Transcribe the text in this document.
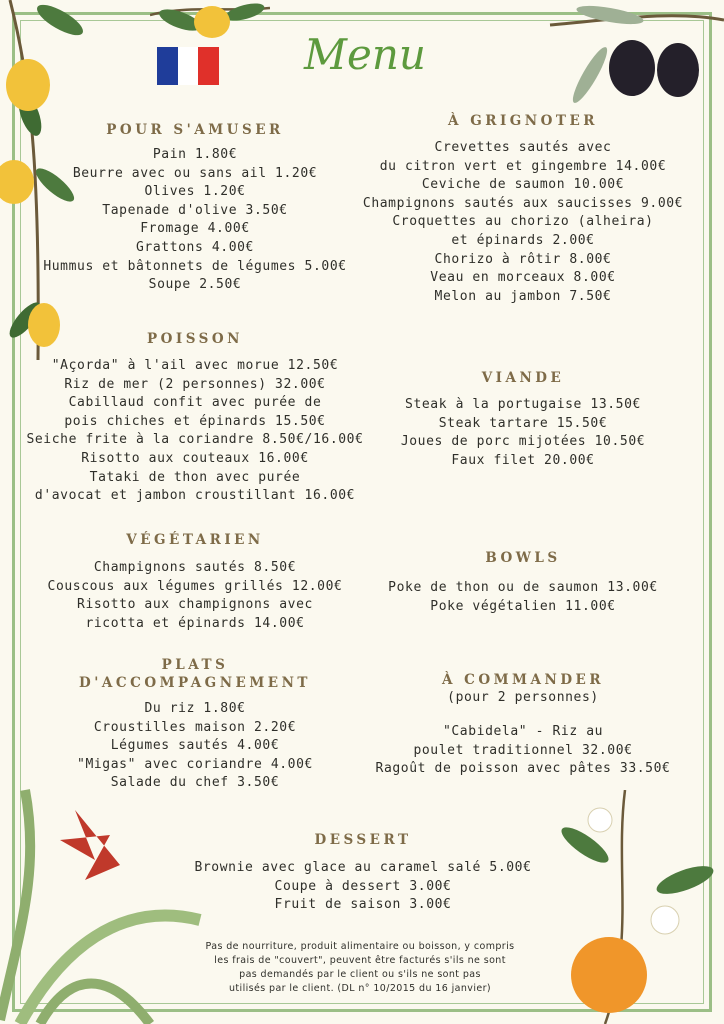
Menu
POUR S'AMUSER
Pain 1.80€
Beurre avec ou sans ail 1.20€
Olives 1.20€
Tapenade d'olive 3.50€
Fromage 4.00€
Grattons 4.00€
Hummus et bâtonnets de légumes 5.00€
Soupe 2.50€
POISSON
"Açorda" à l'ail avec morue 12.50€
Riz de mer (2 personnes) 32.00€
Cabillaud confit avec purée de
pois chiches et épinards 15.50€
Seiche frite à la coriandre 8.50€/16.00€
Risotto aux couteaux 16.00€
Tataki de thon avec purée
d'avocat et jambon croustillant 16.00€
VÉGÉTARIEN
Champignons sautés 8.50€
Couscous aux légumes grillés 12.00€
Risotto aux champignons avec
ricotta et épinards 14.00€
PLATS
D'ACCOMPAGNEMENT
Du riz 1.80€
Croustilles maison 2.20€
Légumes sautés 4.00€
"Migas" avec coriandre 4.00€
Salade du chef 3.50€
À GRIGNOTER
Crevettes sautés avec
du citron vert et gingembre 14.00€
Ceviche de saumon 10.00€
Champignons sautés aux saucisses 9.00€
Croquettes au chorizo (alheira)
et épinards 2.00€
Chorizo à rôtir 8.00€
Veau en morceaux 8.00€
Melon au jambon 7.50€
VIANDE
Steak à la portugaise 13.50€
Steak tartare 15.50€
Joues de porc mijotées 10.50€
Faux filet 20.00€
BOWLS
Poke de thon ou de saumon 13.00€
Poke végétalien 11.00€
À COMMANDER
(pour 2 personnes)
"Cabidela" - Riz au
poulet traditionnel 32.00€
Ragoût de poisson avec pâtes 33.50€
DESSERT
Brownie avec glace au caramel salé 5.00€
Coupe à dessert 3.00€
Fruit de saison 3.00€
Pas de nourriture, produit alimentaire ou boisson, y compris
les frais de "couvert", peuvent être facturés s'ils ne sont
pas demandés par le client ou s'ils ne sont pas
utilisés par le client. (DL n° 10/2015 du 16 janvier)
